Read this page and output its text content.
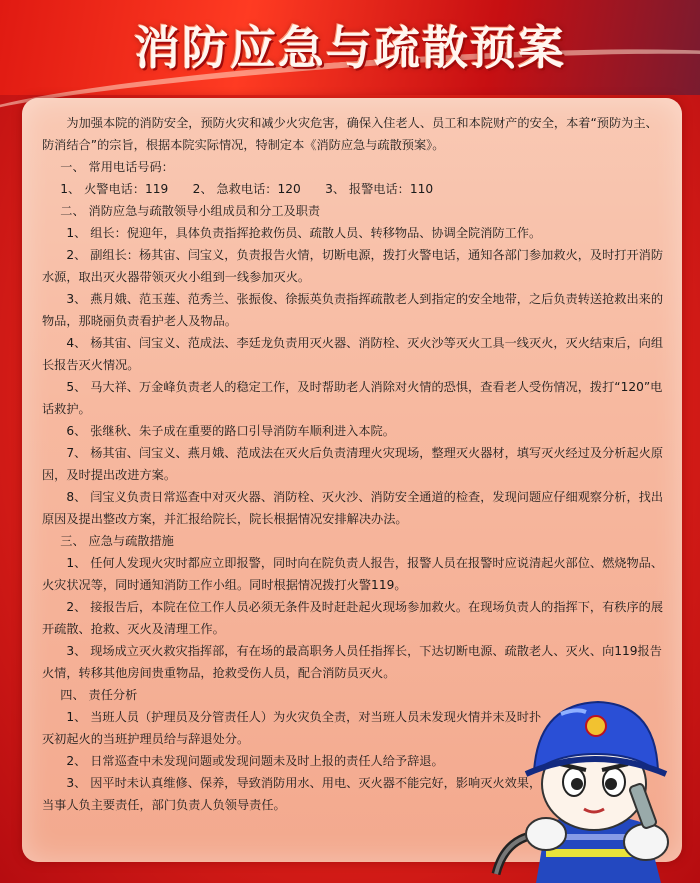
消防应急与疏散预案

为加强本院的消防安全，预防火灾和减少火灾危害，确保入住老人、员工和本院财产的安全，本着“预防为主、防消结合”的宗旨，根据本院实际情况，特制定本《消防应急与疏散预案》。

一、 常用电话号码：

1、 火警电话：119　　2、 急救电话：120　　3、 报警电话：110

二、 消防应急与疏散领导小组成员和分工及职责

1、 组长：倪迎年，具体负责指挥抢救伤员、疏散人员、转移物品、协调全院消防工作。

2、 副组长：杨其宙、闫宝义，负责报告火情，切断电源，拨打火警电话，通知各部门参加救火，及时打开消防水源，取出灭火器带领灭火小组到一线参加灭火。

3、 燕月娥、范玉莲、范秀兰、张振俊、徐振英负责指挥疏散老人到指定的安全地带，之后负责转送抢救出来的物品，那晓丽负责看护老人及物品。

4、 杨其宙、闫宝义、范成法、李廷龙负责用灭火器、消防栓、灭火沙等灭火工具一线灭火，灭火结束后，向组长报告灭火情况。

5、 马大祥、万金峰负责老人的稳定工作，及时帮助老人消除对火情的恐惧，查看老人受伤情况，拨打“120”电话救护。

6、 张继秋、朱子成在重要的路口引导消防车顺利进入本院。

7、 杨其宙、闫宝义、燕月娥、范成法在灭火后负责清理火灾现场，整理灭火器材，填写灭火经过及分析起火原因，及时提出改进方案。

8、 闫宝义负责日常巡查中对灭火器、消防栓、灭火沙、消防安全通道的检查，发现问题应仔细观察分析，找出原因及提出整改方案，并汇报给院长，院长根据情况安排解决办法。

三、 应急与疏散措施

1、 任何人发现火灾时都应立即报警，同时向在院负责人报告，报警人员在报警时应说清起火部位、燃烧物品、火灾状况等，同时通知消防工作小组。同时根据情况拨打火警119。

2、 接报告后，本院在位工作人员必须无条件及时赶赴起火现场参加救火。在现场负责人的指挥下，有秩序的展开疏散、抢救、灭火及清理工作。

3、 现场成立灭火救灾指挥部，有在场的最高职务人员任指挥长，下达切断电源、疏散老人、灭火、向119报告火情，转移其他房间贵重物品，抢救受伤人员，配合消防员灭火。

四、 责任分析

1、 当班人员（护理员及分管责任人）为火灾负全责，对当班人员未发现火情并未及时扑灭初起火的当班护理员给与辞退处分。

2、 日常巡查中未发现问题或发现问题未及时上报的责任人给予辞退。

3、 因平时未认真维修、保养，导致消防用水、用电、灭火器不能完好，影响灭火效果，当事人负主要责任，部门负责人负领导责任。
